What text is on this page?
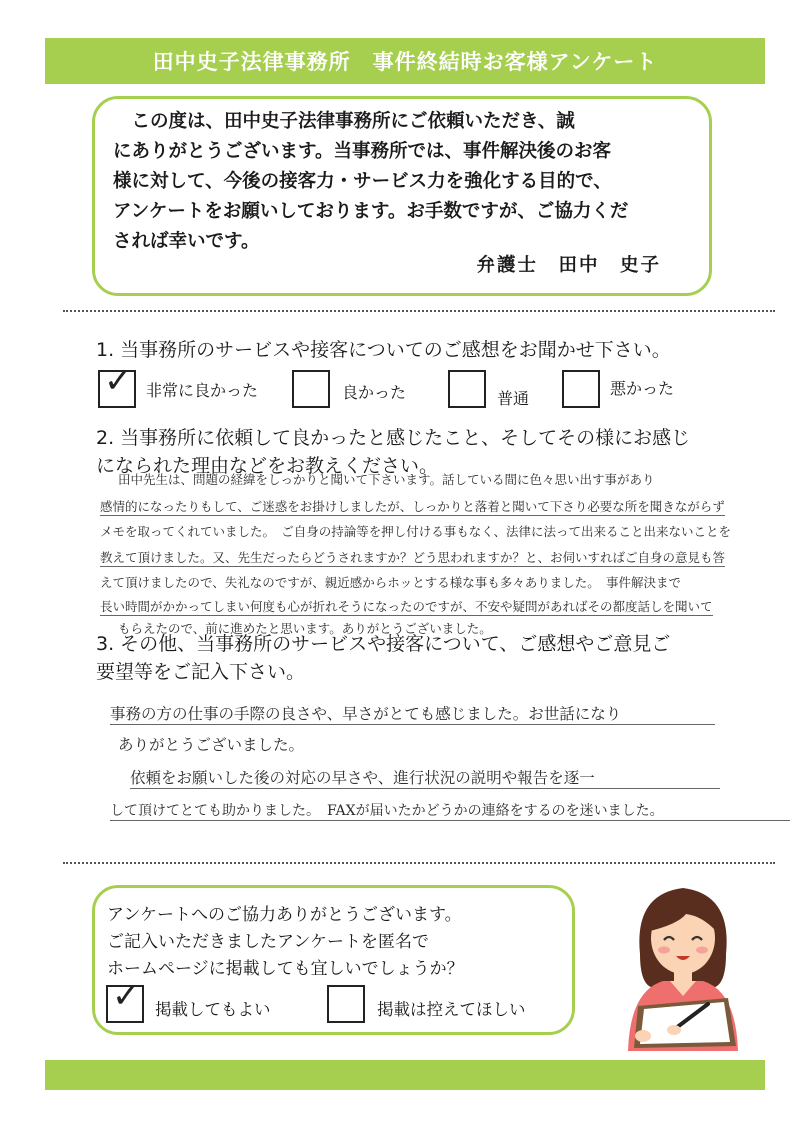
田中史子法律事務所　事件終結時お客様アンケート

　この度は、田中史子法律事務所にご依頼いただき、誠

にありがとうございます。当事務所では、事件解決後のお客

様に対して、今後の接客力・サービス力を強化する目的で、

アンケートをお願いしております。お手数ですが、ご協力くだ

されば幸いです。

弁護士　田中　史子
1. 当事務所のサービスや接客についてのご感想をお聞かせ下さい。
✓ 非常に良かった	良かった	普通
悪かった
2. 当事務所に依頼して良かったと感じたこと、そしてその様にお感じ
になられた理由などをお教えください。
田中先生は、問題の経緯をしっかりと聞いて下さいます。話している間に色々思い出す事があり
感情的になったりもして、ご迷惑をお掛けしましたが、しっかりと落着と聞いて下さり必要な所を聞きながらず
メモを取ってくれていました。　ご自身の持論等を押し付ける事もなく、法律に法って出来ること出来ないことを
教えて頂けました。又、先生だったらどうされますか？どう思われますか？と、お伺いすればご自身の意見も答
えて頂けましたので、失礼なのですが、親近感からホッとする様な事も多々ありました。　事件解決まで
長い時間がかかってしまい何度も心が折れそうになったのですが、不安や疑問があればその都度話しを聞いて
もらえたので、前に進めたと思います。ありがとうございました。
3. その他、当事務所のサービスや接客について、ご感想やご意見ご
要望等をご記入下さい。
事務の方の仕事の手際の良さや、早さがとても感じました。お世話になり
ありがとうございました。
依頼をお願いした後の対応の早さや、進行状況の説明や報告を逐一
して頂けてとても助かりました。　FAXが届いたかどうかの連絡をするのを迷いました。

アンケートへのご協力ありがとうございます。

ご記入いただきましたアンケートを匿名で

ホームページに掲載しても宜しいでしょうか？

✓ 掲載してもよい	掲載は控えてほしい
